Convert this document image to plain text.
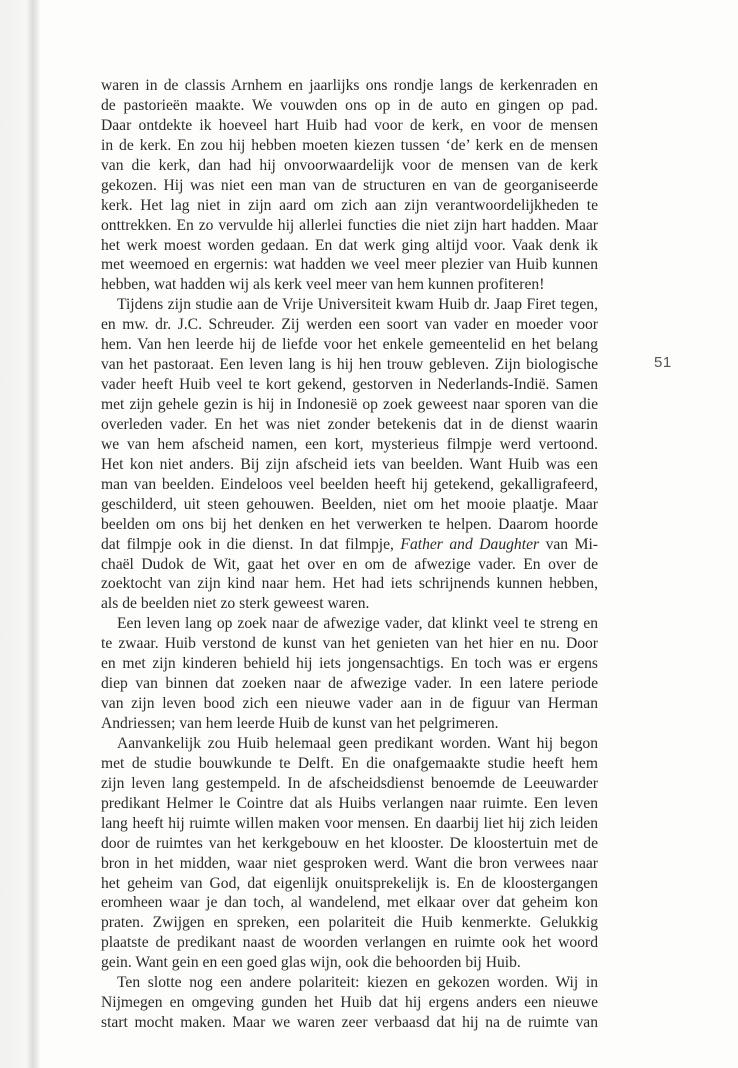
51
waren in de classis Arnhem en jaarlijks ons rondje langs de kerkenraden en
de pastorieën maakte. We vouwden ons op in de auto en gingen op pad.
Daar ontdekte ik hoeveel hart Huib had voor de kerk, en voor de mensen
in de kerk. En zou hij hebben moeten kiezen tussen ‘de’ kerk en de mensen
van die kerk, dan had hij onvoorwaardelijk voor de mensen van de kerk
gekozen. Hij was niet een man van de structuren en van de georganiseerde
kerk. Het lag niet in zijn aard om zich aan zijn verantwoordelijkheden te
onttrekken. En zo vervulde hij allerlei functies die niet zijn hart hadden. Maar
het werk moest worden gedaan. En dat werk ging altijd voor. Vaak denk ik
met weemoed en ergernis: wat hadden we veel meer plezier van Huib kunnen
hebben, wat hadden wij als kerk veel meer van hem kunnen profiteren!
Tijdens zijn studie aan de Vrije Universiteit kwam Huib dr. Jaap Firet tegen,
en mw. dr. J.C. Schreuder. Zij werden een soort van vader en moeder voor
hem. Van hen leerde hij de liefde voor het enkele gemeentelid en het belang
van het pastoraat. Een leven lang is hij hen trouw gebleven. Zijn biologische
vader heeft Huib veel te kort gekend, gestorven in Nederlands-Indië. Samen
met zijn gehele gezin is hij in Indonesië op zoek geweest naar sporen van die
overleden vader. En het was niet zonder betekenis dat in de dienst waarin
we van hem afscheid namen, een kort, mysterieus filmpje werd vertoond.
Het kon niet anders. Bij zijn afscheid iets van beelden. Want Huib was een
man van beelden. Eindeloos veel beelden heeft hij getekend, gekalligrafeerd,
geschilderd, uit steen gehouwen. Beelden, niet om het mooie plaatje. Maar
beelden om ons bij het denken en het verwerken te helpen. Daarom hoorde
dat filmpje ook in die dienst. In dat filmpje, Father and Daughter van Mi-
chaël Dudok de Wit, gaat het over en om de afwezige vader. En over de
zoektocht van zijn kind naar hem. Het had iets schrijnends kunnen hebben,
als de beelden niet zo sterk geweest waren.
Een leven lang op zoek naar de afwezige vader, dat klinkt veel te streng en
te zwaar. Huib verstond de kunst van het genieten van het hier en nu. Door
en met zijn kinderen behield hij iets jongensachtigs. En toch was er ergens
diep van binnen dat zoeken naar de afwezige vader. In een latere periode
van zijn leven bood zich een nieuwe vader aan in de figuur van Herman
Andriessen; van hem leerde Huib de kunst van het pelgrimeren.
Aanvankelijk zou Huib helemaal geen predikant worden. Want hij begon
met de studie bouwkunde te Delft. En die onafgemaakte studie heeft hem
zijn leven lang gestempeld. In de afscheidsdienst benoemde de Leeuwarder
predikant Helmer le Cointre dat als Huibs verlangen naar ruimte. Een leven
lang heeft hij ruimte willen maken voor mensen. En daarbij liet hij zich leiden
door de ruimtes van het kerkgebouw en het klooster. De kloostertuin met de
bron in het midden, waar niet gesproken werd. Want die bron verwees naar
het geheim van God, dat eigenlijk onuitsprekelijk is. En de kloostergangen
eromheen waar je dan toch, al wandelend, met elkaar over dat geheim kon
praten. Zwijgen en spreken, een polariteit die Huib kenmerkte. Gelukkig
plaatste de predikant naast de woorden verlangen en ruimte ook het woord
gein. Want gein en een goed glas wijn, ook die behoorden bij Huib.
Ten slotte nog een andere polariteit: kiezen en gekozen worden. Wij in
Nijmegen en omgeving gunden het Huib dat hij ergens anders een nieuwe
start mocht maken. Maar we waren zeer verbaasd dat hij na de ruimte van
